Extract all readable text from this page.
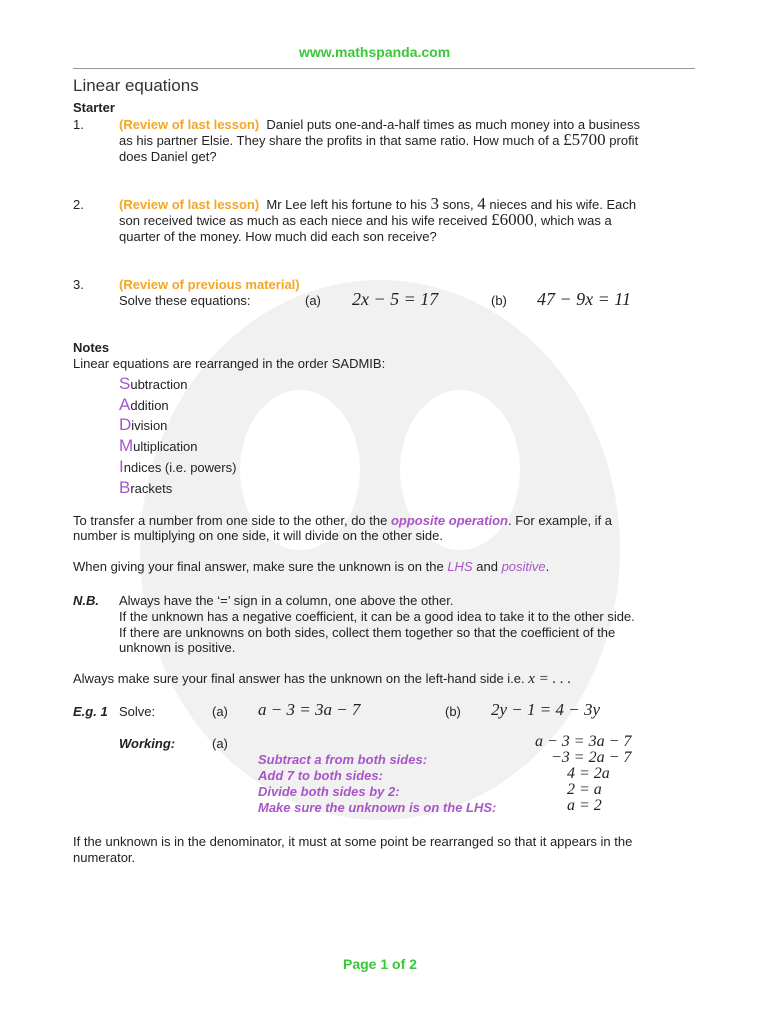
www.mathspanda.com
Linear equations
Starter
1.	(Review of last lesson) Daniel puts one-and-a-half times as much money into a business
as his partner Elsie. They share the profits in that same ratio. How much of a £5700 profit
does Daniel get?
2.	(Review of last lesson) Mr Lee left his fortune to his 3 sons, 4 nieces and his wife. Each
son received twice as much as each niece and his wife received £6000, which was a
quarter of the money. How much did each son receive?
3.	(Review of previous material)
Solve these equations:	(a) 2x − 5 = 17	(b) 47 − 9x = 11
Notes
Linear equations are rearranged in the order SADMIB:
Subtraction
Addition
Division
Multiplication
Indices (i.e. powers)
Brackets
To transfer a number from one side to the other, do the opposite operation. For example, if a
number is multiplying on one side, it will divide on the other side.
When giving your final answer, make sure the unknown is on the LHS and positive.
N.B. Always have the ‘=’ sign in a column, one above the other.
If the unknown has a negative coefficient, it can be a good idea to take it to the other side.
If there are unknowns on both sides, collect them together so that the coefficient of the
unknown is positive.
Always make sure your final answer has the unknown on the left-hand side i.e. x = . . .
E.g. 1 Solve:	(a) a − 3 = 3a − 7	(b) 2y − 1 = 4 − 3y
Working:	(a)	a − 3 = 3a − 7
Subtract a from both sides:	−3 = 2a − 7
Add 7 to both sides:	4 = 2a
Divide both sides by 2:	2 = a
Make sure the unknown is on the LHS:	a = 2
If the unknown is in the denominator, it must at some point be rearranged so that it appears in the
numerator.
Page 1 of 2
